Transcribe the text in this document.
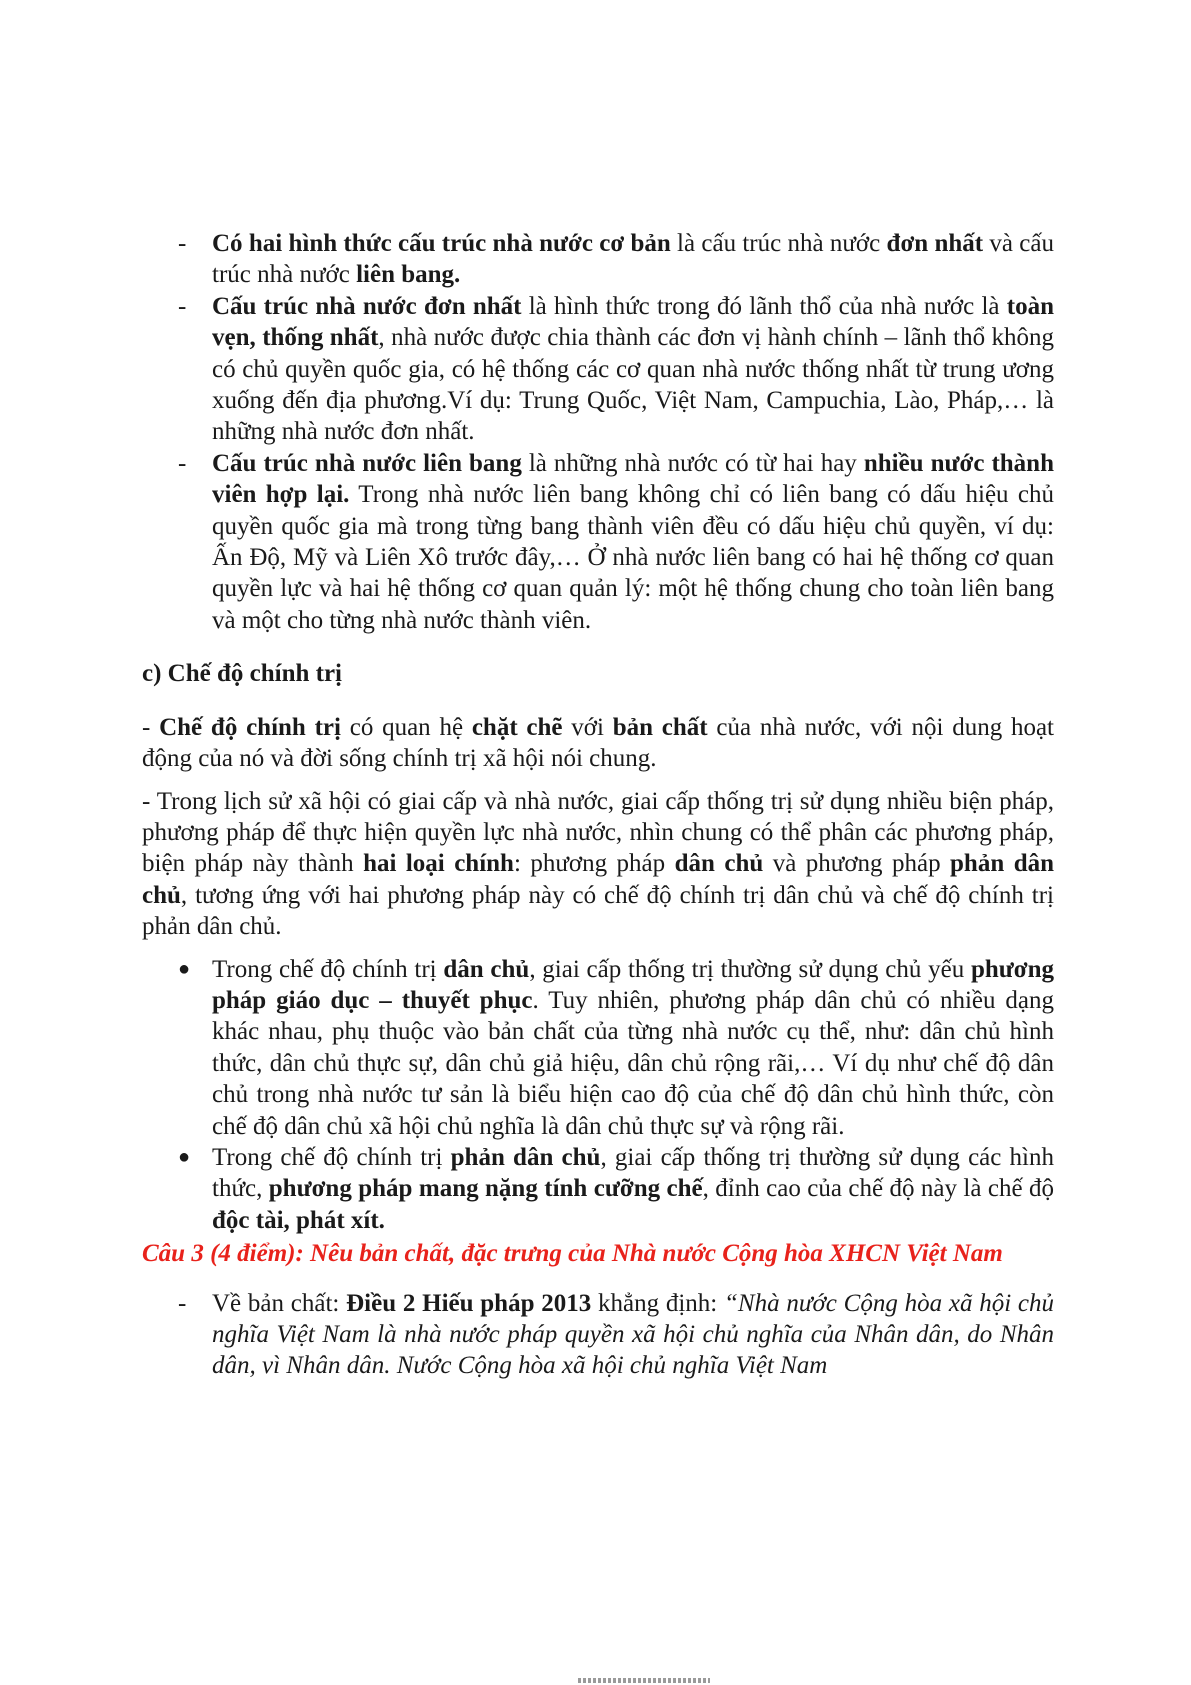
- Có hai hình thức cấu trúc nhà nước cơ bản là cấu trúc nhà nước đơn nhất và cấu trúc nhà nước liên bang.
- Cấu trúc nhà nước đơn nhất là hình thức trong đó lãnh thổ của nhà nước là toàn vẹn, thống nhất, nhà nước được chia thành các đơn vị hành chính – lãnh thổ không có chủ quyền quốc gia, có hệ thống các cơ quan nhà nước thống nhất từ trung ương xuống đến địa phương.Ví dụ: Trung Quốc, Việt Nam, Campuchia, Lào, Pháp,… là những nhà nước đơn nhất.
- Cấu trúc nhà nước liên bang là những nhà nước có từ hai hay nhiều nước thành viên hợp lại. Trong nhà nước liên bang không chỉ có liên bang có dấu hiệu chủ quyền quốc gia mà trong từng bang thành viên đều có dấu hiệu chủ quyền, ví dụ: Ấn Độ, Mỹ và Liên Xô trước đây,… Ở nhà nước liên bang có hai hệ thống cơ quan quyền lực và hai hệ thống cơ quan quản lý: một hệ thống chung cho toàn liên bang và một cho từng nhà nước thành viên.

c) Chế độ chính trị

- Chế độ chính trị có quan hệ chặt chẽ với bản chất của nhà nước, với nội dung hoạt động của nó và đời sống chính trị xã hội nói chung.

- Trong lịch sử xã hội có giai cấp và nhà nước, giai cấp thống trị sử dụng nhiều biện pháp, phương pháp để thực hiện quyền lực nhà nước, nhìn chung có thể phân các phương pháp, biện pháp này thành hai loại chính: phương pháp dân chủ và phương pháp phản dân chủ, tương ứng với hai phương pháp này có chế độ chính trị dân chủ và chế độ chính trị phản dân chủ.

● Trong chế độ chính trị dân chủ, giai cấp thống trị thường sử dụng chủ yếu phương pháp giáo dục – thuyết phục. Tuy nhiên, phương pháp dân chủ có nhiều dạng khác nhau, phụ thuộc vào bản chất của từng nhà nước cụ thể, như: dân chủ hình thức, dân chủ thực sự, dân chủ giả hiệu, dân chủ rộng rãi,… Ví dụ như chế độ dân chủ trong nhà nước tư sản là biểu hiện cao độ của chế độ dân chủ hình thức, còn chế độ dân chủ xã hội chủ nghĩa là dân chủ thực sự và rộng rãi.
● Trong chế độ chính trị phản dân chủ, giai cấp thống trị thường sử dụng các hình thức, phương pháp mang nặng tính cưỡng chế, đỉnh cao của chế độ này là chế độ độc tài, phát xít.

Câu 3 (4 điểm): Nêu bản chất, đặc trưng của Nhà nước Cộng hòa XHCN Việt Nam

- Về bản chất: Điều 2 Hiếu pháp 2013 khẳng định: “Nhà nước Cộng hòa xã hội chủ nghĩa Việt Nam là nhà nước pháp quyền xã hội chủ nghĩa của Nhân dân, do Nhân dân, vì Nhân dân. Nước Cộng hòa xã hội chủ nghĩa Việt Nam
